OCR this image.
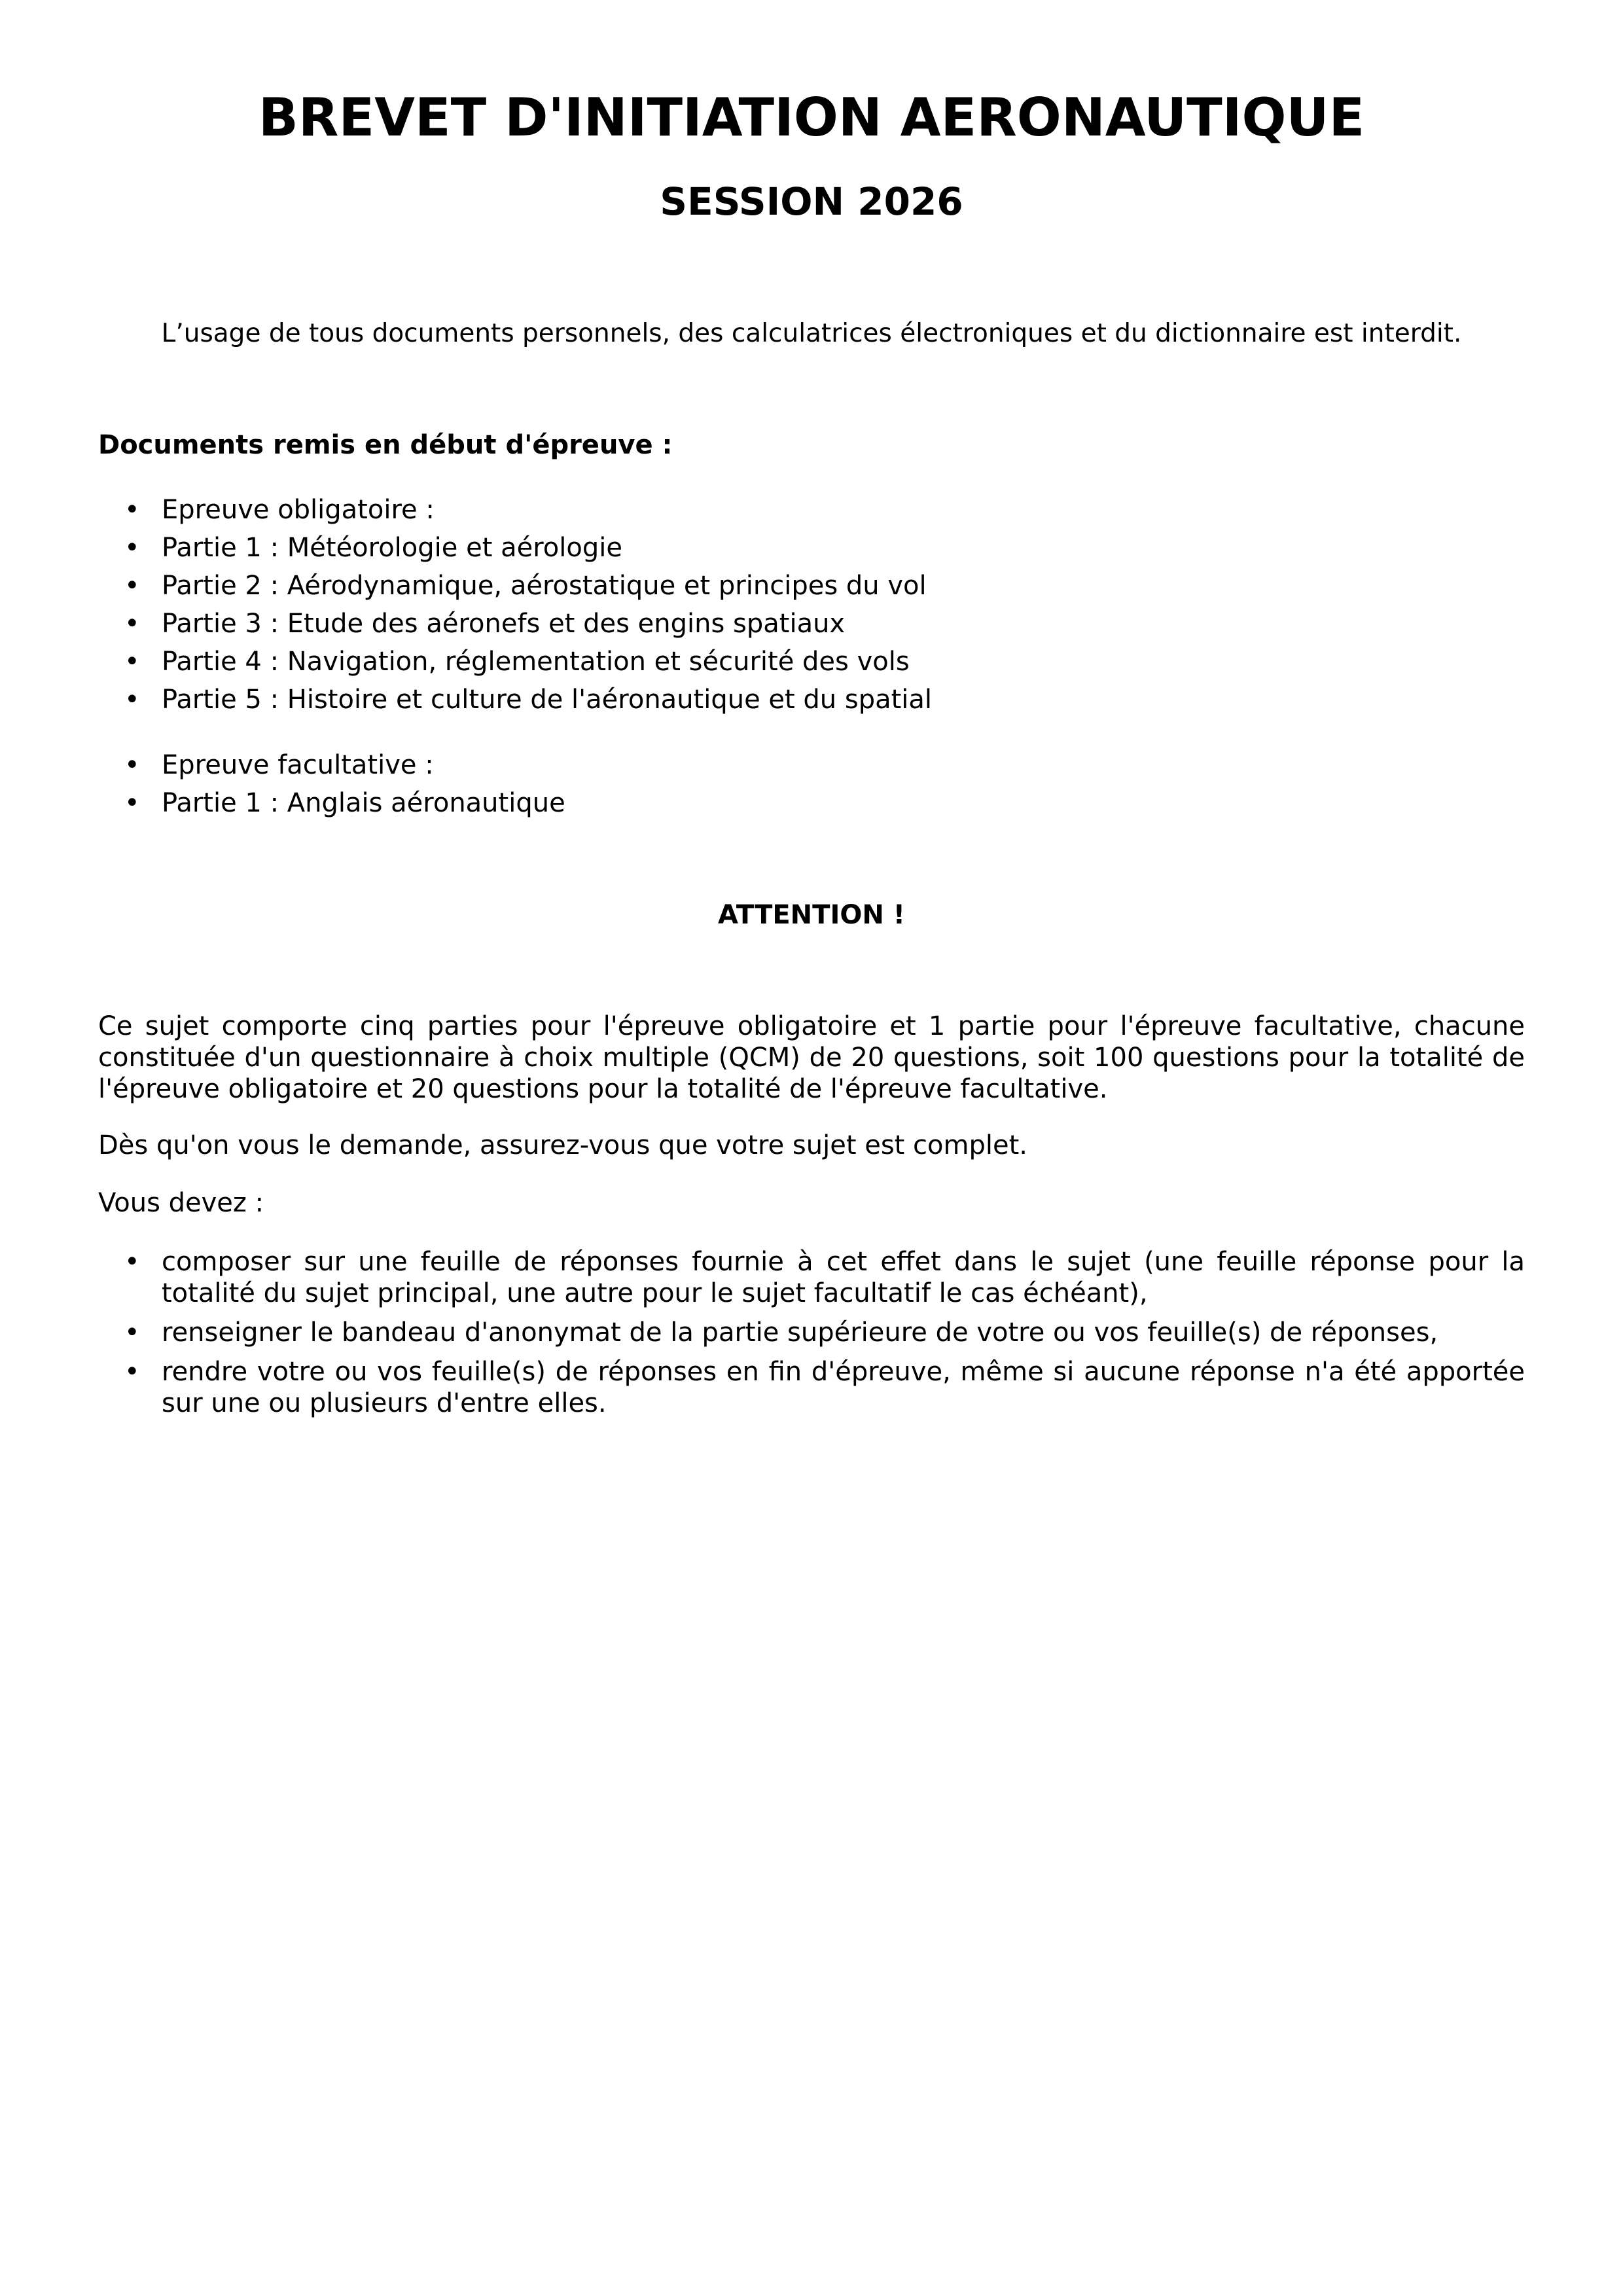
BREVET D'INITIATION AERONAUTIQUE
SESSION 2026

L’usage de tous documents personnels, des calculatrices électroniques et du dictionnaire est interdit.

Documents remis en début d'épreuve :

• Epreuve obligatoire :
• Partie 1 : Météorologie et aérologie
• Partie 2 : Aérodynamique, aérostatique et principes du vol
• Partie 3 : Etude des aéronefs et des engins spatiaux
• Partie 4 : Navigation, réglementation et sécurité des vols
• Partie 5 : Histoire et culture de l'aéronautique et du spatial
• Epreuve facultative :
• Partie 1 : Anglais aéronautique

ATTENTION !

Ce sujet comporte cinq parties pour l'épreuve obligatoire et 1 partie pour l'épreuve facultative, chacune constituée d'un questionnaire à choix multiple (QCM) de 20 questions, soit 100 questions pour la totalité de l'épreuve obligatoire et 20 questions pour la totalité de l'épreuve facultative.

Dès qu'on vous le demande, assurez-vous que votre sujet est complet.

Vous devez :

• composer sur une feuille de réponses fournie à cet effet dans le sujet (une feuille réponse pour la totalité du sujet principal, une autre pour le sujet facultatif le cas échéant),
• renseigner le bandeau d'anonymat de la partie supérieure de votre ou vos feuille(s) de réponses,
• rendre votre ou vos feuille(s) de réponses en fin d'épreuve, même si aucune réponse n'a été apportée sur une ou plusieurs d'entre elles.
